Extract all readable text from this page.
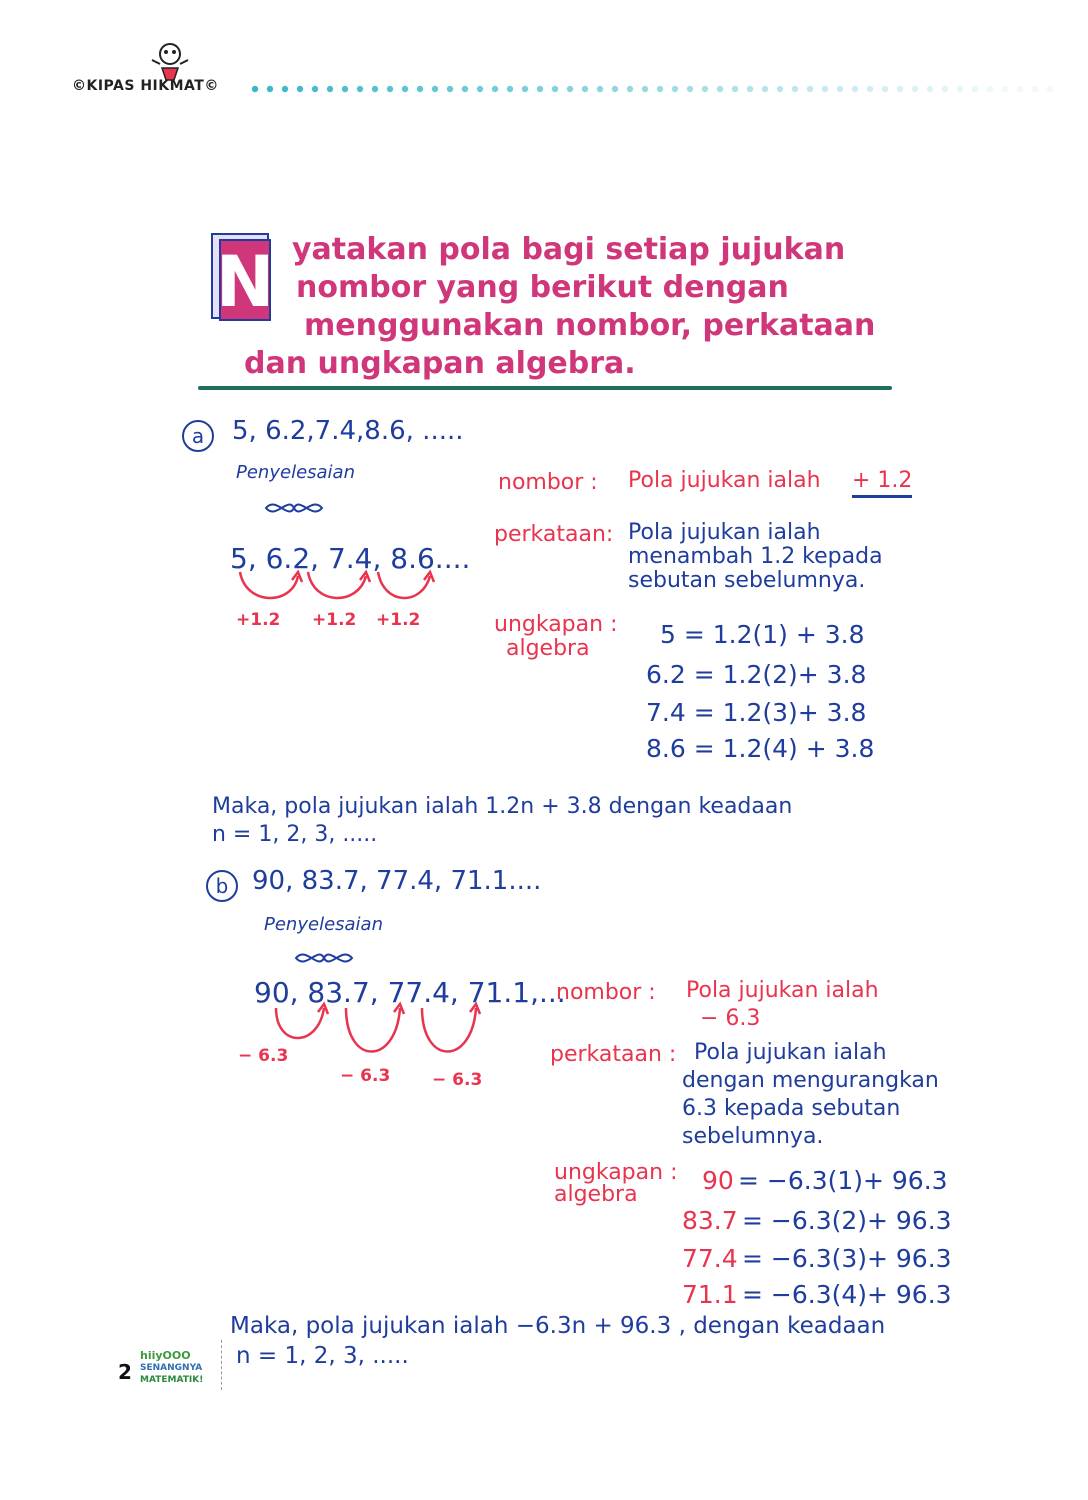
©KIPAS HIKMAT©
N yatakan pola bagi setiap jujukan
nombor yang berikut dengan
menggunakan nombor, perkataan
dan ungkapan algebra.
a	5, 6.2,7.4,8.6, .....
Penyelesaian
5, 6.2, 7.4, 8.6....
+1.2 +1.2 +1.2
nombor : Pola jujukan ialah + 1.2
perkataan: Pola jujukan ialah
menambah 1.2 kepada
sebutan sebelumnya.
ungkapan :
algebra	5 = 1.2(1) + 3.8
6.2 = 1.2(2)+ 3.8
7.4 = 1.2(3)+ 3.8
8.6 = 1.2(4) + 3.8
Maka, pola jujukan ialah 1.2n + 3.8 dengan keadaan
n = 1, 2, 3, .....
b 90, 83.7, 77.4, 71.1....
Penyelesaian
90, 83.7, 77.4, 71.1,...
− 6.3
− 6.3 − 6.3
nombor : Pola jujukan ialah
− 6.3
perkataan : Pola jujukan ialah
dengan mengurangkan
6.3 kepada sebutan
sebelumnya.
ungkapan :
algebra	90 = −6.3(1)+ 96.3
83.7 = −6.3(2)+ 96.3
77.4 = −6.3(3)+ 96.3
71.1 = −6.3(4)+ 96.3
Maka, pola jujukan ialah −6.3n + 96.3 , dengan keadaan
n = 1, 2, 3, .....
2
hiiyOOO
SENANGNYA
MATEMATIK!
